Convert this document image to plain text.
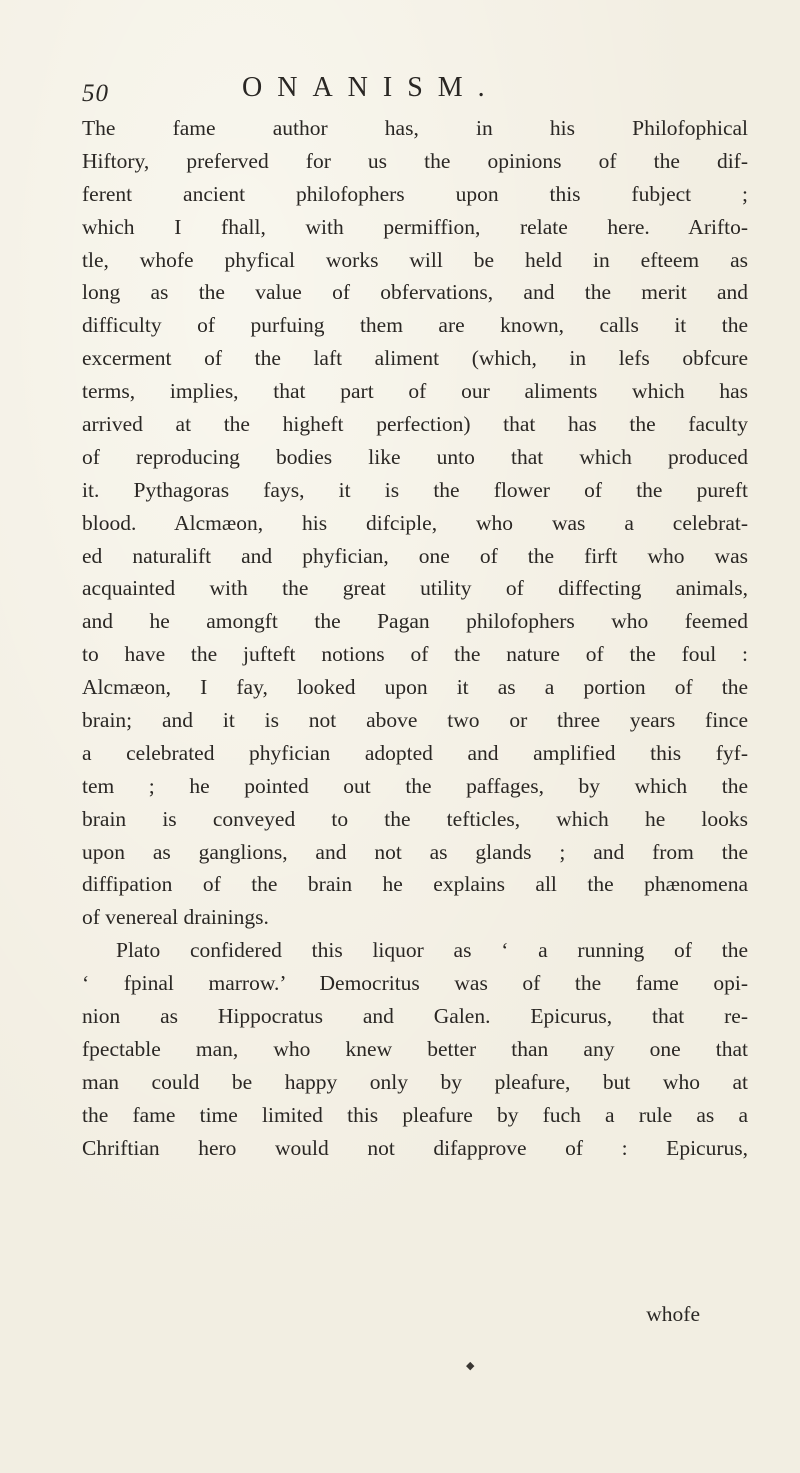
50	ONANISM.
The fame author has, in his Philofophical
Hiftory, preferved for us the opinions of the dif-
ferent ancient philofophers upon this fubject ;
which I fhall, with permiffion, relate here. Arifto-
tle, whofe phyfical works will be held in efteem as
long as the value of obfervations, and the merit and
difficulty of purfuing them are known, calls it the
excerment of the laft aliment (which, in lefs obfcure
terms, implies, that part of our aliments which has
arrived at the higheft perfection) that has the faculty
of reproducing bodies like unto that which produced
it. Pythagoras fays, it is the flower of the pureft
blood. Alcmæon, his difciple, who was a celebrat-
ed naturalift and phyfician, one of the firft who was
acquainted with the great utility of diffecting animals,
and he amongft the Pagan philofophers who feemed
to have the jufteft notions of the nature of the foul :
Alcmæon, I fay, looked upon it as a portion of the
brain; and it is not above two or three years fince
a celebrated phyfician adopted and amplified this fyf-
tem ; he pointed out the paffages, by which the
brain is conveyed to the tefticles, which he looks
upon as ganglions, and not as glands ; and from the
diffipation of the brain he explains all the phænomena
of venereal drainings.
Plato confidered this liquor as ‘ a running of the
‘ fpinal marrow.’ Democritus was of the fame opi-
nion as Hippocratus and Galen. Epicurus, that re-
fpectable man, who knew better than any one that
man could be happy only by pleafure, but who at
the fame time limited this pleafure by fuch a rule as a
Chriftian hero would not difapprove of : Epicurus,
whofe
◆
